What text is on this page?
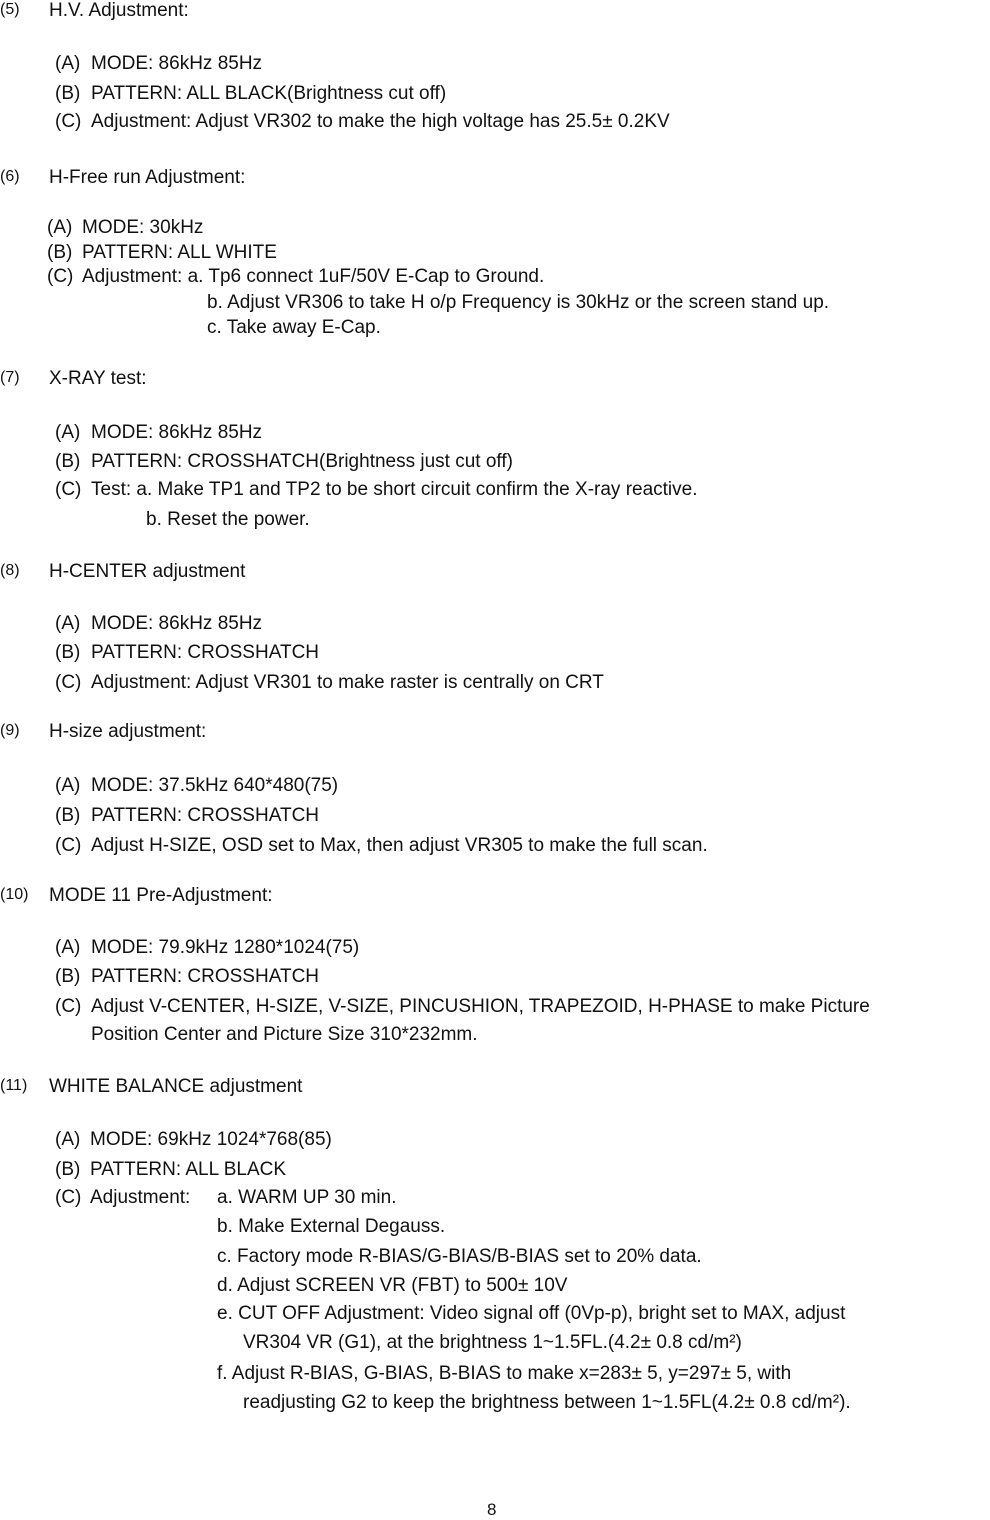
(5) H.V. Adjustment:
(A) MODE: 86kHz 85Hz
(B) PATTERN: ALL BLACK(Brightness cut off)
(C) Adjustment: Adjust VR302 to make the high voltage has 25.5± 0.2KV
(6) H-Free run Adjustment:
(A) MODE: 30kHz
(B) PATTERN: ALL WHITE
(C) Adjustment: a. Tp6 connect 1uF/50V E-Cap to Ground.
b. Adjust VR306 to take H o/p Frequency is 30kHz or the screen stand up.
c. Take away E-Cap.
(7) X-RAY test:
(A) MODE: 86kHz 85Hz
(B) PATTERN: CROSSHATCH(Brightness just cut off)
(C) Test: a. Make TP1 and TP2 to be short circuit confirm the X-ray reactive.
b. Reset the power.
(8) H-CENTER adjustment
(A) MODE: 86kHz 85Hz
(B) PATTERN: CROSSHATCH
(C) Adjustment: Adjust VR301 to make raster is centrally on CRT
(9) H-size adjustment:
(A) MODE: 37.5kHz 640*480(75)
(B) PATTERN: CROSSHATCH
(C) Adjust H-SIZE, OSD set to Max, then adjust VR305 to make the full scan.
(10) MODE 11 Pre-Adjustment:
(A) MODE: 79.9kHz 1280*1024(75)
(B) PATTERN: CROSSHATCH
(C) Adjust V-CENTER, H-SIZE, V-SIZE, PINCUSHION, TRAPEZOID, H-PHASE to make Picture
Position Center and Picture Size 310*232mm.
(11) WHITE BALANCE adjustment
(A) MODE: 69kHz 1024*768(85)
(B) PATTERN: ALL BLACK
(C) Adjustment: a. WARM UP 30 min.
b. Make External Degauss.
c. Factory mode R-BIAS/G-BIAS/B-BIAS set to 20% data.
d. Adjust SCREEN VR (FBT) to 500± 10V
e. CUT OFF Adjustment: Video signal off (0Vp-p), bright set to MAX, adjust
VR304 VR (G1), at the brightness 1~1.5FL.(4.2± 0.8 cd/m²)
f. Adjust R-BIAS, G-BIAS, B-BIAS to make x=283± 5, y=297± 5, with
readjusting G2 to keep the brightness between 1~1.5FL(4.2± 0.8 cd/m²).
8
